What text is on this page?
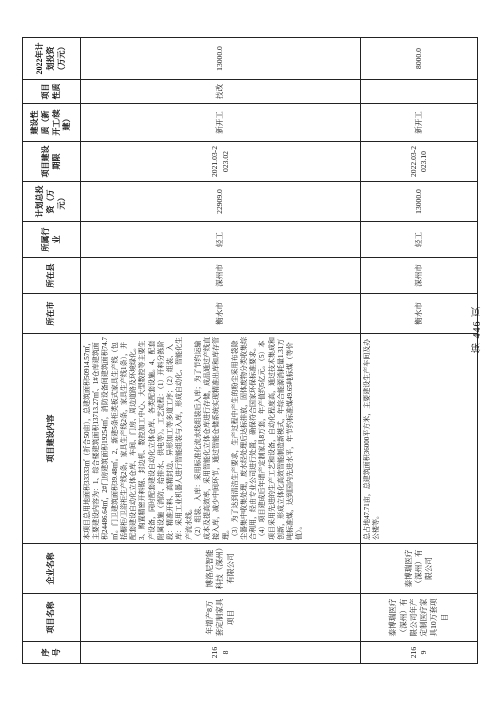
序号	项目名称	企业名称	项目建设内容	所在市	所在县	所属行业	计划总投资（万元）	项目建设期限	建设性质（新开工/续建）	项目性质	2022年计划投资（万元）
2168	年增产8万套定制家具项目	博洛尼智能科技（深州）有限公司	本项目总用地面积33333㎡（折合50亩），总建筑面积50914.57㎡，主要建设内容为：1、综合楼建筑面积13713.27㎡、1#仓库建筑面积24486.64㎡，2#门房建筑面积19254㎡，消防设备间建筑面积74.7㎡。门卫建筑面积39.48㎡。2、新建5条柜类板式家具生产线（包括橱柜/卫浴柜生产线2条，家具生产线2条，家具生产线1条），并配套建设自动化立体仓库、车间、门房、周边道路及环境绿化。3、购置精密开料锯、封边机、数控加工中心、大型数控等主要生产设备，同时配套建设自动化立体仓库、各类配套设施。4、配套附属设施（消防、给排水、供电等）。工艺流程：（1）开料分拣阶段：精准开料、高精封边、异形加工等多道工序；（2）组装、入库：采用工业机器人进行智能组装与入库，形成自动化、智能化生产流水线。 （2）组装、入库：采用标准化流水线组装后入库；为了节约运输成本及提高效率，采用智能化立体仓库进行存储，成品通过产线直接入库，减少中间环节，通过智能仓储系统实现精准出库和库存管理。 （3）为了达到清洁生产要求，生产过程中产生的粉尘采用布袋除尘器集中收集处理，废水经处理后达标排放，固体废物分类收集综合利用，经由专业公司进行处置，确保符合国家环保标准要求。 （4）项目建成后年增产定制家具8万套，年产值约5亿元。（5）本项目采用先进的生产工艺和设备，自动化程度高，通过技术集成和创新，形成立体化高效智能制造新模式，年综合能源消耗量1.31万吨标准煤，达到国内先进水平，年节约标准煤49.65吨标煤（等价值）。	衡水市	深州市	轻工	22909.0	2021.03-2023.02	新开工	技改	13000.0
2169	泰博瑞医疗（深州）有限公司年产定制医疗家具10万套项目	泰博瑞医疗（深州）有限公司	总占地47.71亩，总建筑面积36000平方米，主要建设生产车间及办公楼等。	衡水市	深州市	轻工	13000.0	2022.03-2023.10	新开工		8000.0
第 446 页
